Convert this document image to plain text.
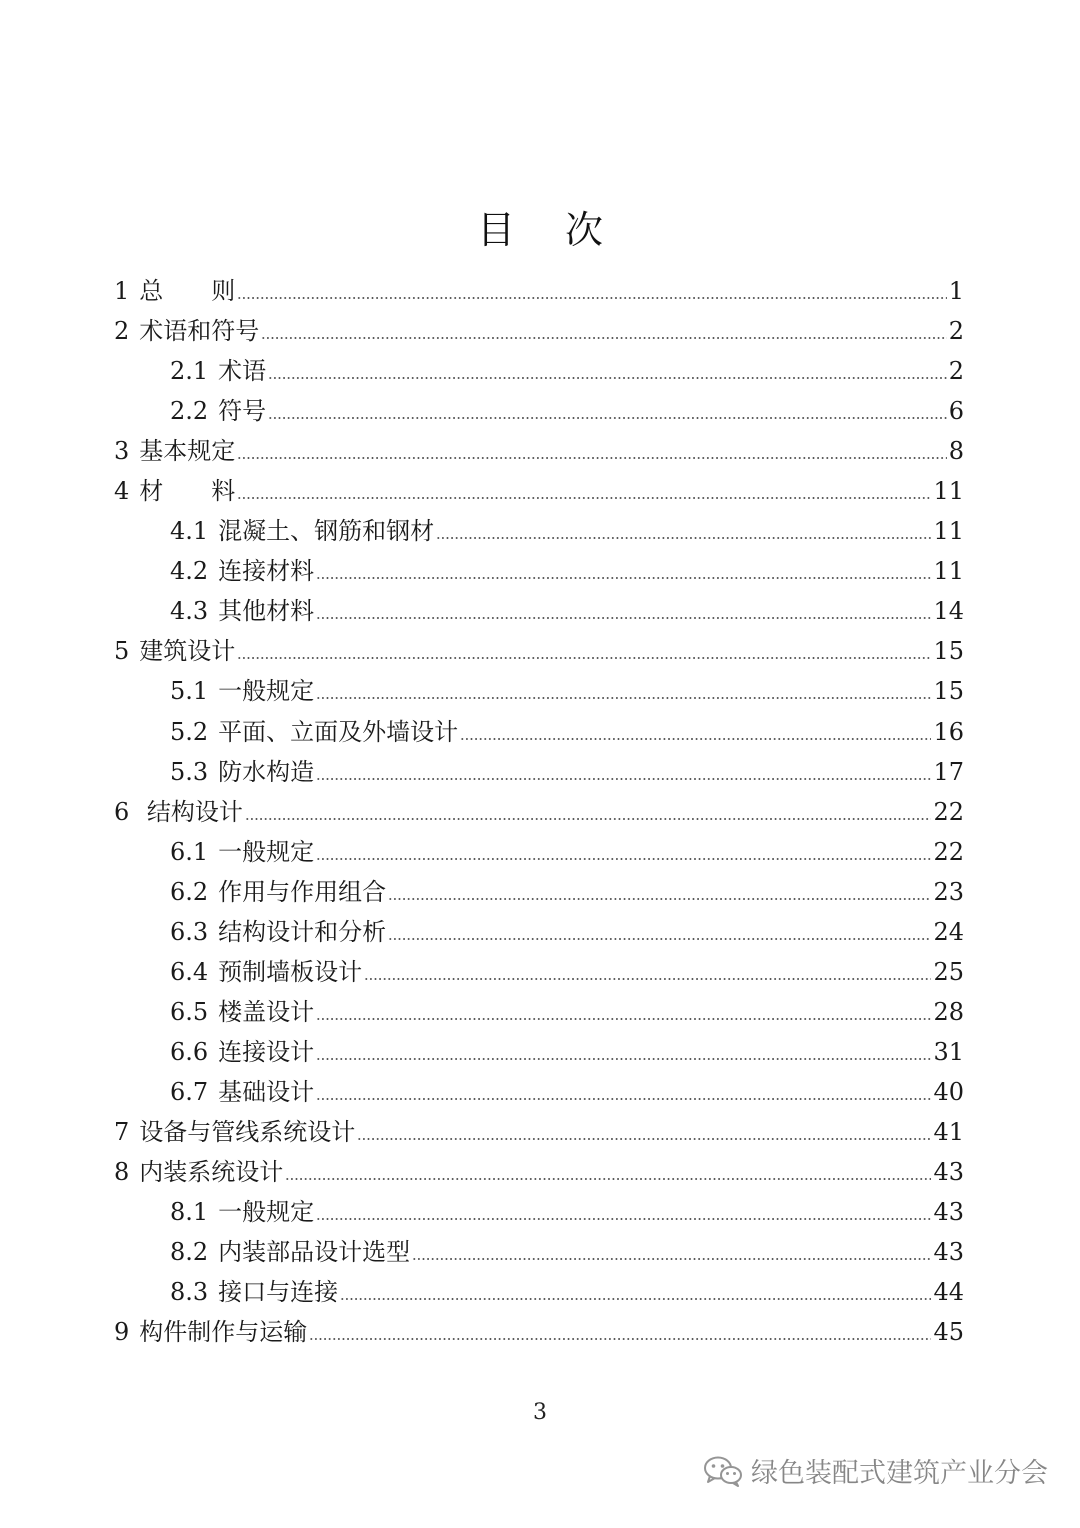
目次
1 总　　则	1
2 术语和符号	2
2.1 术语	2
2.2 符号	6
3 基本规定	8
4 材　　料	11
4.1 混凝土、钢筋和钢材	11
4.2 连接材料	11
4.3 其他材料	14
5 建筑设计	15
5.1 一般规定	15
5.2 平面、立面及外墙设计	16
5.3 防水构造	17
6 结构设计	22
6.1 一般规定	22
6.2 作用与作用组合	23
6.3 结构设计和分析	24
6.4 预制墙板设计	25
6.5 楼盖设计	28
6.6 连接设计	31
6.7 基础设计	40
7 设备与管线系统设计	41
8 内装系统设计	43
8.1 一般规定	43
8.2 内装部品设计选型	43
8.3 接口与连接	44
9 构件制作与运输	45
3
绿色装配式建筑产业分会
